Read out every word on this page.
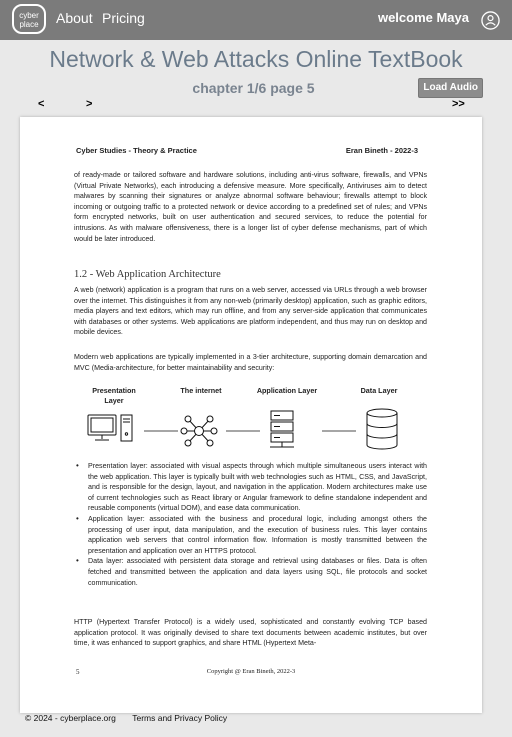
cyber place	About Pricing	welcome Maya
Network & Web Attacks Online TextBook
chapter 1/6 page 5	Load Audio
<	>	>>
Cyber Studies - Theory & Practice	Eran Bineth - 2022-3
of ready-made or tailored software and hardware solutions, including anti-virus software, firewalls, and VPNs (Virtual Private Networks), each introducing a defensive measure. More specifically, Antiviruses aim to detect malwares by scanning their signatures or analyze abnormal software behaviour; firewalls attempt to block incoming or outgoing traffic to a protected network or device according to a predefined set of rules; and VPNs form encrypted networks, built on user authentication and secured services, to reduce the potential for intrusions. As with malware offensiveness, there is a longer list of cyber defense mechanisms, part of which would be later introduced.
1.2 - Web Application Architecture
A web (network) application is a program that runs on a web server, accessed via URLs through a web browser over the internet. This distinguishes it from any non-web (primarily desktop) application, such as graphic editors, media players and text editors, which may run offline, and from any server-side application that communicates with databases or other systems. Web applications are platform independent, and thus may run on desktop and mobile devices.
Modern web applications are typically implemented in a 3-tier architecture, supporting domain demarcation and MVC (Media-architecture, for better maintainability and security:
Presentation Layer
The internet	Application Layer	Data Layer
• Presentation layer: associated with visual aspects through which multiple simultaneous users interact with the web application. This layer is typically built with web technologies such as HTML, CSS, and JavaScript, and is responsible for the design, layout, and navigation in the application. Modern architectures make use of current technologies such as React library or Angular framework to define standalone independent and reusable components (virtual DOM), and ease data communication.
• Application layer: associated with the business and procedural logic, including amongst others the processing of user input, data manipulation, and the execution of business rules. This layer contains application web servers that control information flow. Information is mostly transmitted between the presentation and application over an HTTPS protocol.
• Data layer: associated with persistent data storage and retrieval using databases or files. Data is often fetched and transmitted between the application and data layers using SQL, file protocols and socket communication.
HTTP (Hypertext Transfer Protocol) is a widely used, sophisticated and constantly evolving TCP based application protocol. It was originally devised to share text documents between academic institutes, but over time, it was enhanced to support graphics, and share HTML (Hypertext Meta-
Copyright @ Eran Bineth, 2022-3
5
© 2024 - cyberplace.org Terms and Privacy Policy
